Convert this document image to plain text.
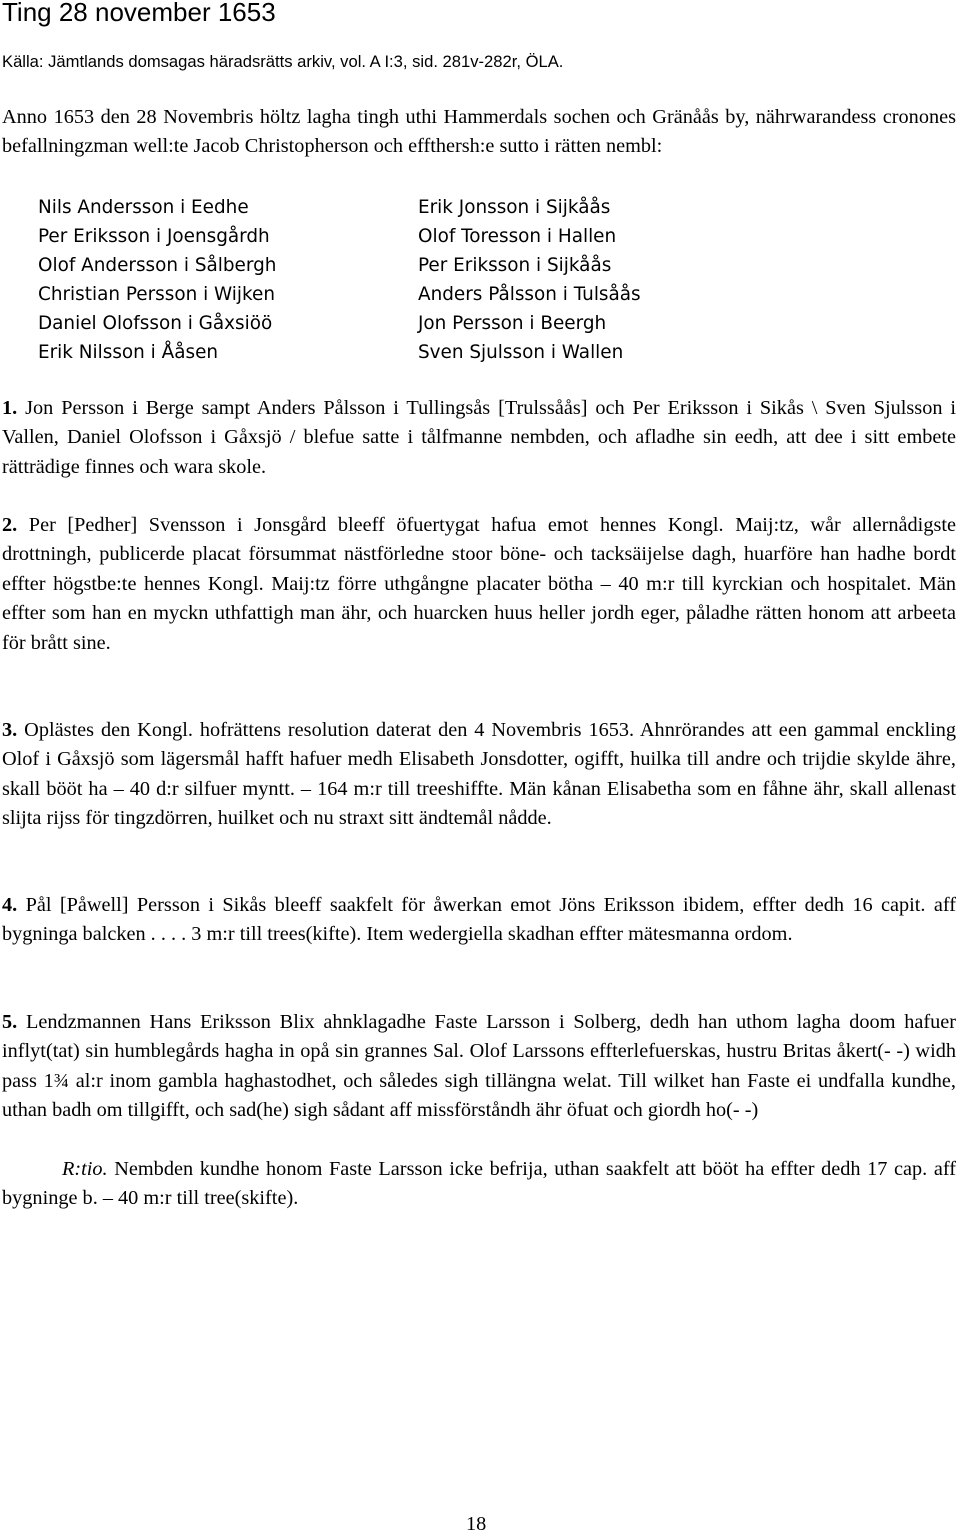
Ting 28 november 1653
Källa: Jämtlands domsagas häradsrätts arkiv, vol. A I:3, sid. 281v-282r, ÖLA.

Anno 1653 den 28 Novembris höltz lagha tingh uthi Hammerdals sochen och Gränåås by, nährwarandess cronones befallningzman well:te Jacob Christopherson och effthersh:e sutto i rätten nembl:

Nils Andersson i Eedhe	Erik Jonsson i Sijkåås
Per Eriksson i Joensgårdh	Olof Toresson i Hallen
Olof Andersson i Sålbergh	Per Eriksson i Sijkåås
Christian Persson i Wijken	Anders Pålsson i Tulsåås
Daniel Olofsson i Gåxsiöö	Jon Persson i Beergh
Erik Nilsson i Ååsen	Sven Sjulsson i Wallen

1. Jon Persson i Berge sampt Anders Pålsson i Tullingsås [Trulssåås] och Per Eriksson i Sikås \ Sven Sjulsson i Vallen, Daniel Olofsson i Gåxsjö / blefue satte i tålfmanne nembden, och afladhe sin eedh, att dee i sitt embete rätträdige finnes och wara skole.

2. Per [Pedher] Svensson i Jonsgård bleeff öfuertygat hafua emot hennes Kongl. Maij:tz, wår allernådigste drottningh, publicerde placat försummat nästförledne stoor böne- och tacksäijelse dagh, huarföre han hadhe bordt effter högstbe:te hennes Kongl. Maij:tz förre uthgångne placater bötha – 40 m:r till kyrckian och hospitalet. Män effter som han en myckn uthfattigh man ähr, och huarcken huus heller jordh eger, påladhe rätten honom att arbeeta för brått sine.

3. Oplästes den Kongl. hofrättens resolution daterat den 4 Novembris 1653. Ahnrörandes att een gammal enckling Olof i Gåxsjö som lägersmål hafft hafuer medh Elisabeth Jonsdotter, ogifft, huilka till andre och trijdie skylde ähre, skall bööt ha – 40 d:r silfuer myntt. – 164 m:r till treeshiffte. Män kånan Elisabetha som en fåhne ähr, skall allenast slijta rijss för tingzdörren, huilket och nu straxt sitt ändtemål nådde.

4. Pål [Påwell] Persson i Sikås bleeff saakfelt för åwerkan emot Jöns Eriksson ibidem, effter dedh 16 capit. aff bygninga balcken . . . . 3 m:r till trees(kifte). Item wedergiella skadhan effter mätesmanna ordom.

5. Lendzmannen Hans Eriksson Blix ahnklagadhe Faste Larsson i Solberg, dedh han uthom lagha doom hafuer inflyt(tat) sin humblegårds hagha in opå sin grannes Sal. Olof Larssons effterlefuerskas, hustru Britas åkert(- -) widh pass 1¾ al:r inom gambla haghastodhet, och således sigh tillängna welat. Till wilket han Faste ei undfalla kundhe, uthan badh om tillgifft, och sad(he) sigh sådant aff missförståndh ähr öfuat och giordh ho(- -)

R:tio. Nembden kundhe honom Faste Larsson icke befrija, uthan saakfelt att bööt ha effter dedh 17 cap. aff bygninge b. – 40 m:r till tree(skifte).

18
